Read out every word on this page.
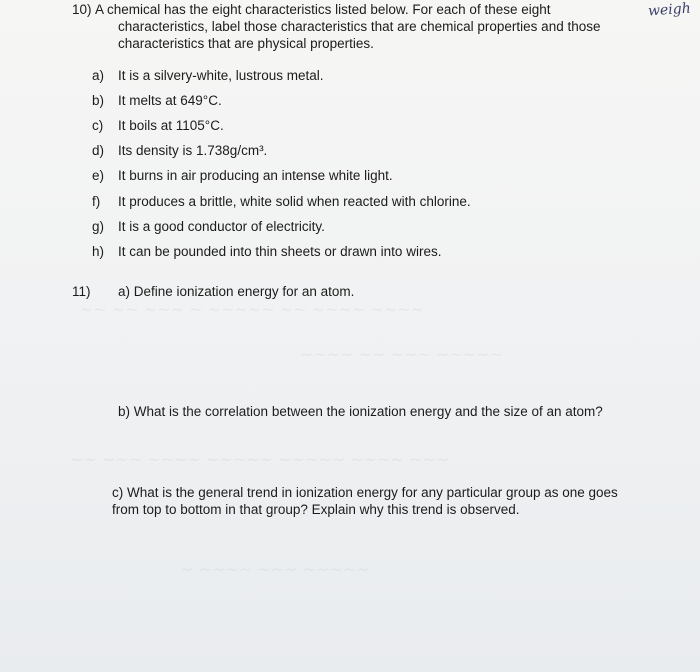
~~ ~~ ~~~ ~ ~~~~~ ~~ ~~~~ ~~~~
~~~~ ~~ ~~~ ~~~~~
~~ ~~~ ~~~~ ~~~~~ ~~~~~ ~~~~ ~~~
~ ~~~~ ~~~ ~~~~~
10) A chemical has the eight characteristics listed below. For each of these eight
characteristics, label those characteristics that are chemical properties and those
characteristics that are physical properties.
weigh
a) It is a silvery-white, lustrous metal.
b) It melts at 649°C.
c) It boils at 1105°C.
d) Its density is 1.738g/cm³.
e) It burns in air producing an intense white light.
f) It produces a brittle, white solid when reacted with chlorine.
g) It is a good conductor of electricity.
h) It can be pounded into thin sheets or drawn into wires.
11) a) Define ionization energy for an atom.
b) What is the correlation between the ionization energy and the size of an atom?
c) What is the general trend in ionization energy for any particular group as one goes
from top to bottom in that group? Explain why this trend is observed.
